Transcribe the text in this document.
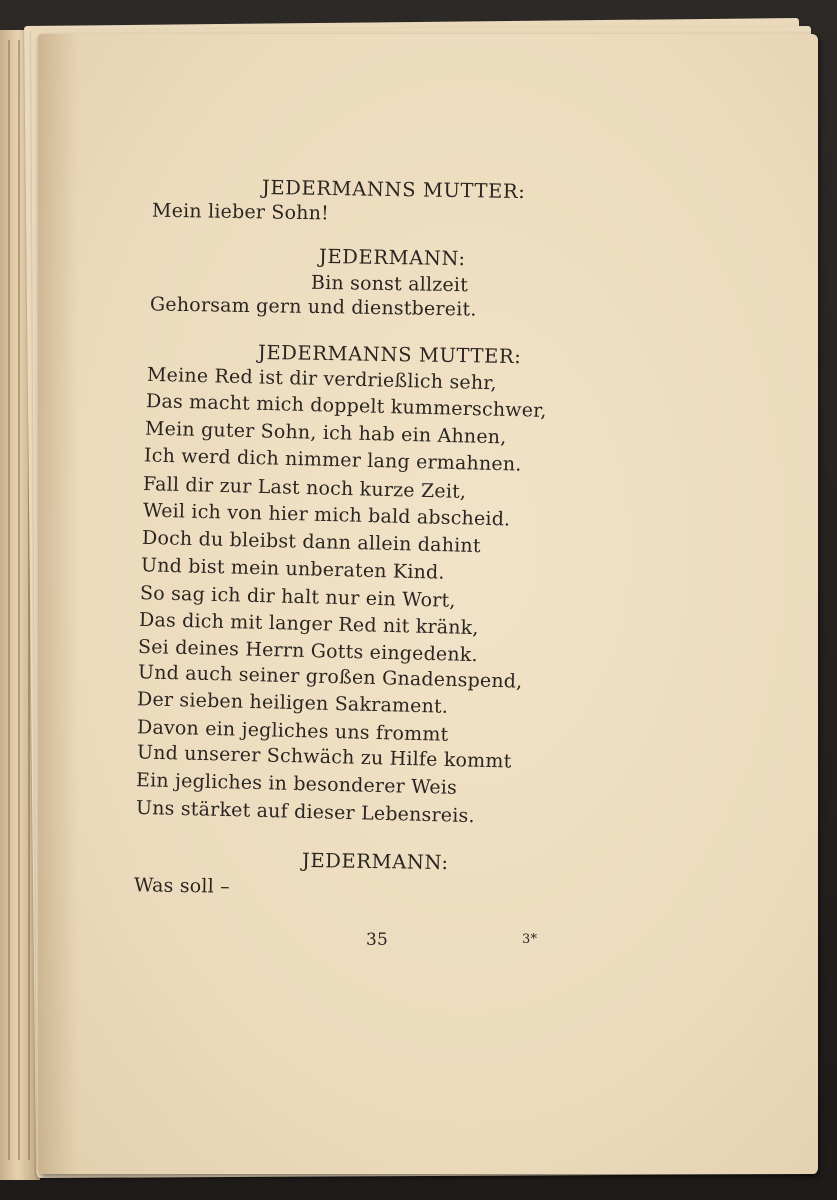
JEDERMANNS MUTTER:
Mein lieber Sohn!
JEDERMANN:
Bin sonst allzeit
Gehorsam gern und dienstbereit.
JEDERMANNS MUTTER:
Meine Red ist dir verdrießlich sehr,
Das macht mich doppelt kummerschwer,
Mein guter Sohn, ich hab ein Ahnen,
Ich werd dich nimmer lang ermahnen.
Fall dir zur Last noch kurze Zeit,
Weil ich von hier mich bald abscheid.
Doch du bleibst dann allein dahint
Und bist mein unberaten Kind.
So sag ich dir halt nur ein Wort,
Das dich mit langer Red nit kränk,
Sei deines Herrn Gotts eingedenk.
Und auch seiner großen Gnadenspend,
Der sieben heiligen Sakrament.
Davon ein jegliches uns frommt
Und unserer Schwäch zu Hilfe kommt
Ein jegliches in besonderer Weis
Uns stärket auf dieser Lebensreis.
JEDERMANN:
Was soll –
35	3*
